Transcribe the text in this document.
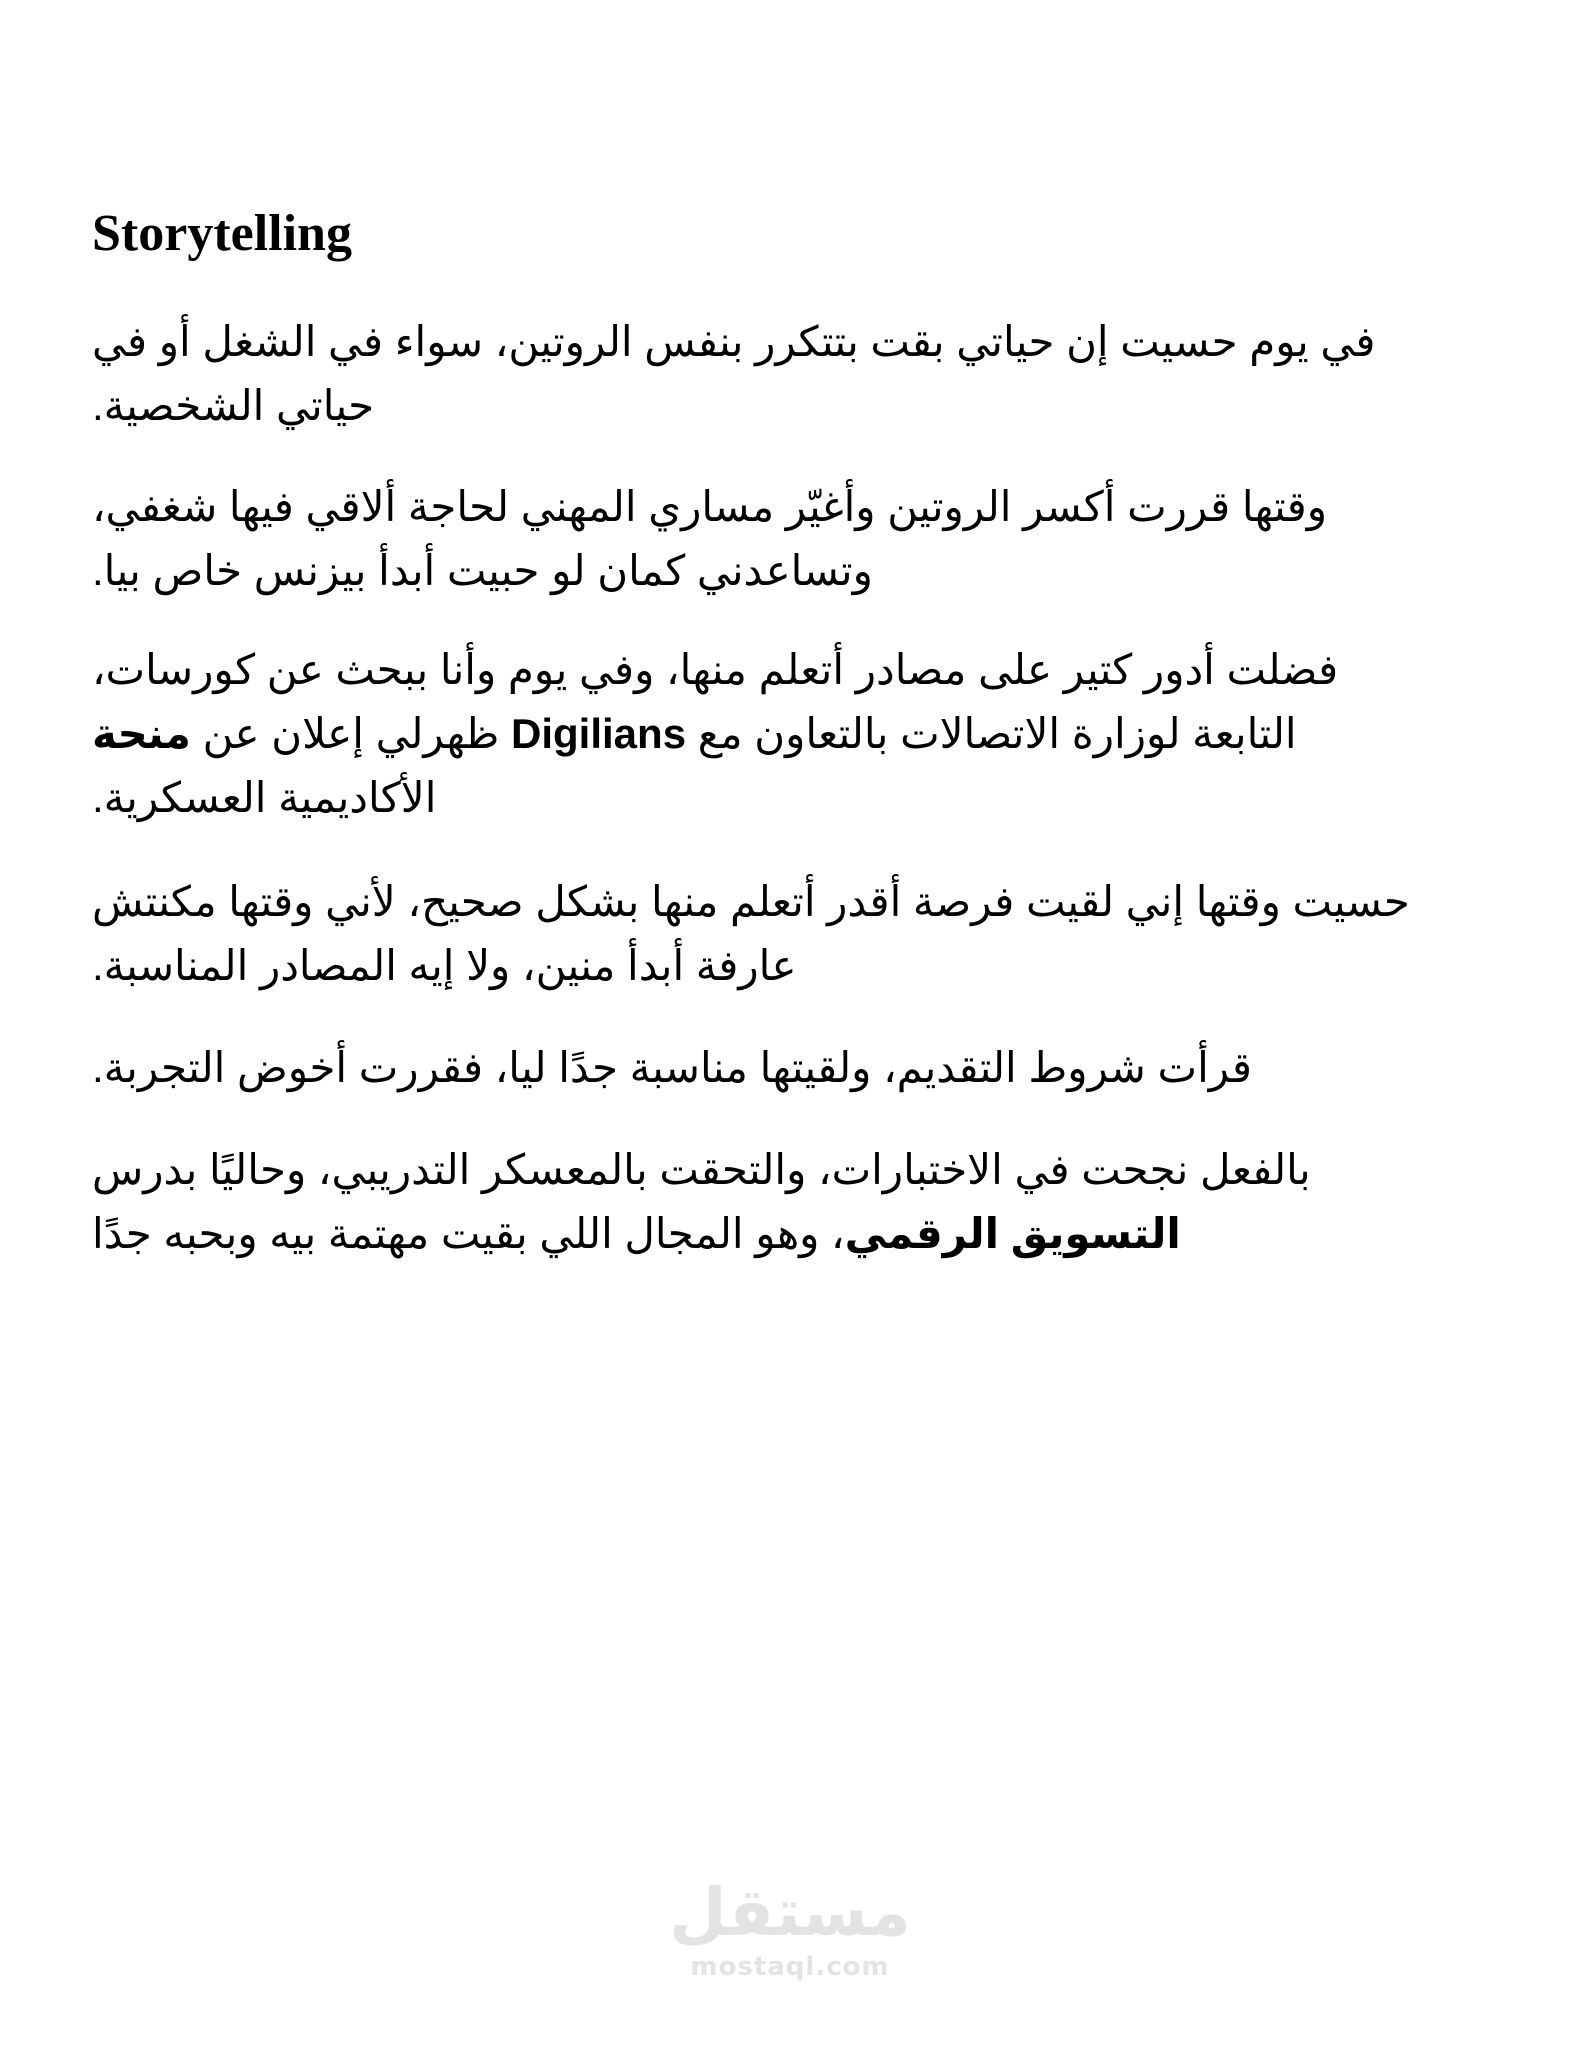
Storytelling
في يوم حسيت إن حياتي بقت بتتكرر بنفس الروتين، سواء في الشغل أو في
حياتي الشخصية.
وقتها قررت أكسر الروتين وأغيّر مساري المهني لحاجة ألاقي فيها شغفي،
وتساعدني كمان لو حبيت أبدأ بيزنس خاص بيا.
فضلت أدور كتير على مصادر أتعلم منها، وفي يوم وأنا ببحث عن كورسات،
التابعة لوزارة الاتصالات بالتعاون مع Digilians ظهرلي إعلان عن منحة
الأكاديمية العسكرية.
حسيت وقتها إني لقيت فرصة أقدر أتعلم منها بشكل صحيح، لأني وقتها مكنتش
عارفة أبدأ منين، ولا إيه المصادر المناسبة.
قرأت شروط التقديم، ولقيتها مناسبة جدًا ليا، فقررت أخوض التجربة.
بالفعل نجحت في الاختبارات، والتحقت بالمعسكر التدريبي، وحاليًا بدرس
التسويق الرقمي، وهو المجال اللي بقيت مهتمة بيه وبحبه جدًا
مستقل
mostaql.com
